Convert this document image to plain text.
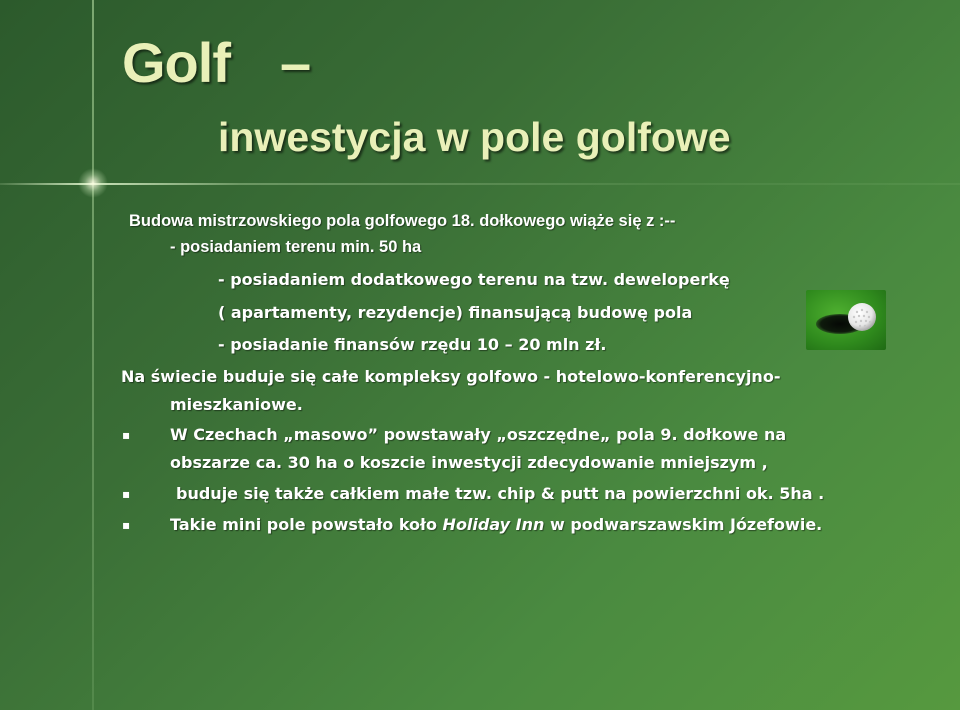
Golf –
inwestycja w pole golfowe
Budowa mistrzowskiego pola golfowego 18. dołkowego wiąże się z :--
- posiadaniem terenu min. 50 ha
- posiadaniem dodatkowego terenu na tzw. deweloperkę
( apartamenty, rezydencje) finansującą budowę pola
- posiadanie finansów rzędu 10 – 20 mln zł.
Na świecie buduje się całe kompleksy golfowo - hotelowo-konferencyjno-
mieszkaniowe.
▪ W Czechach „masowo” powstawały „oszczędne„ pola 9. dołkowe na
obszarze ca. 30 ha o koszcie inwestycji zdecydowanie mniejszym ,
▪	buduje się także całkiem małe tzw. chip & putt na powierzchni ok. 5ha .
▪ Takie mini pole powstało koło Holiday Inn w podwarszawskim Józefowie.
